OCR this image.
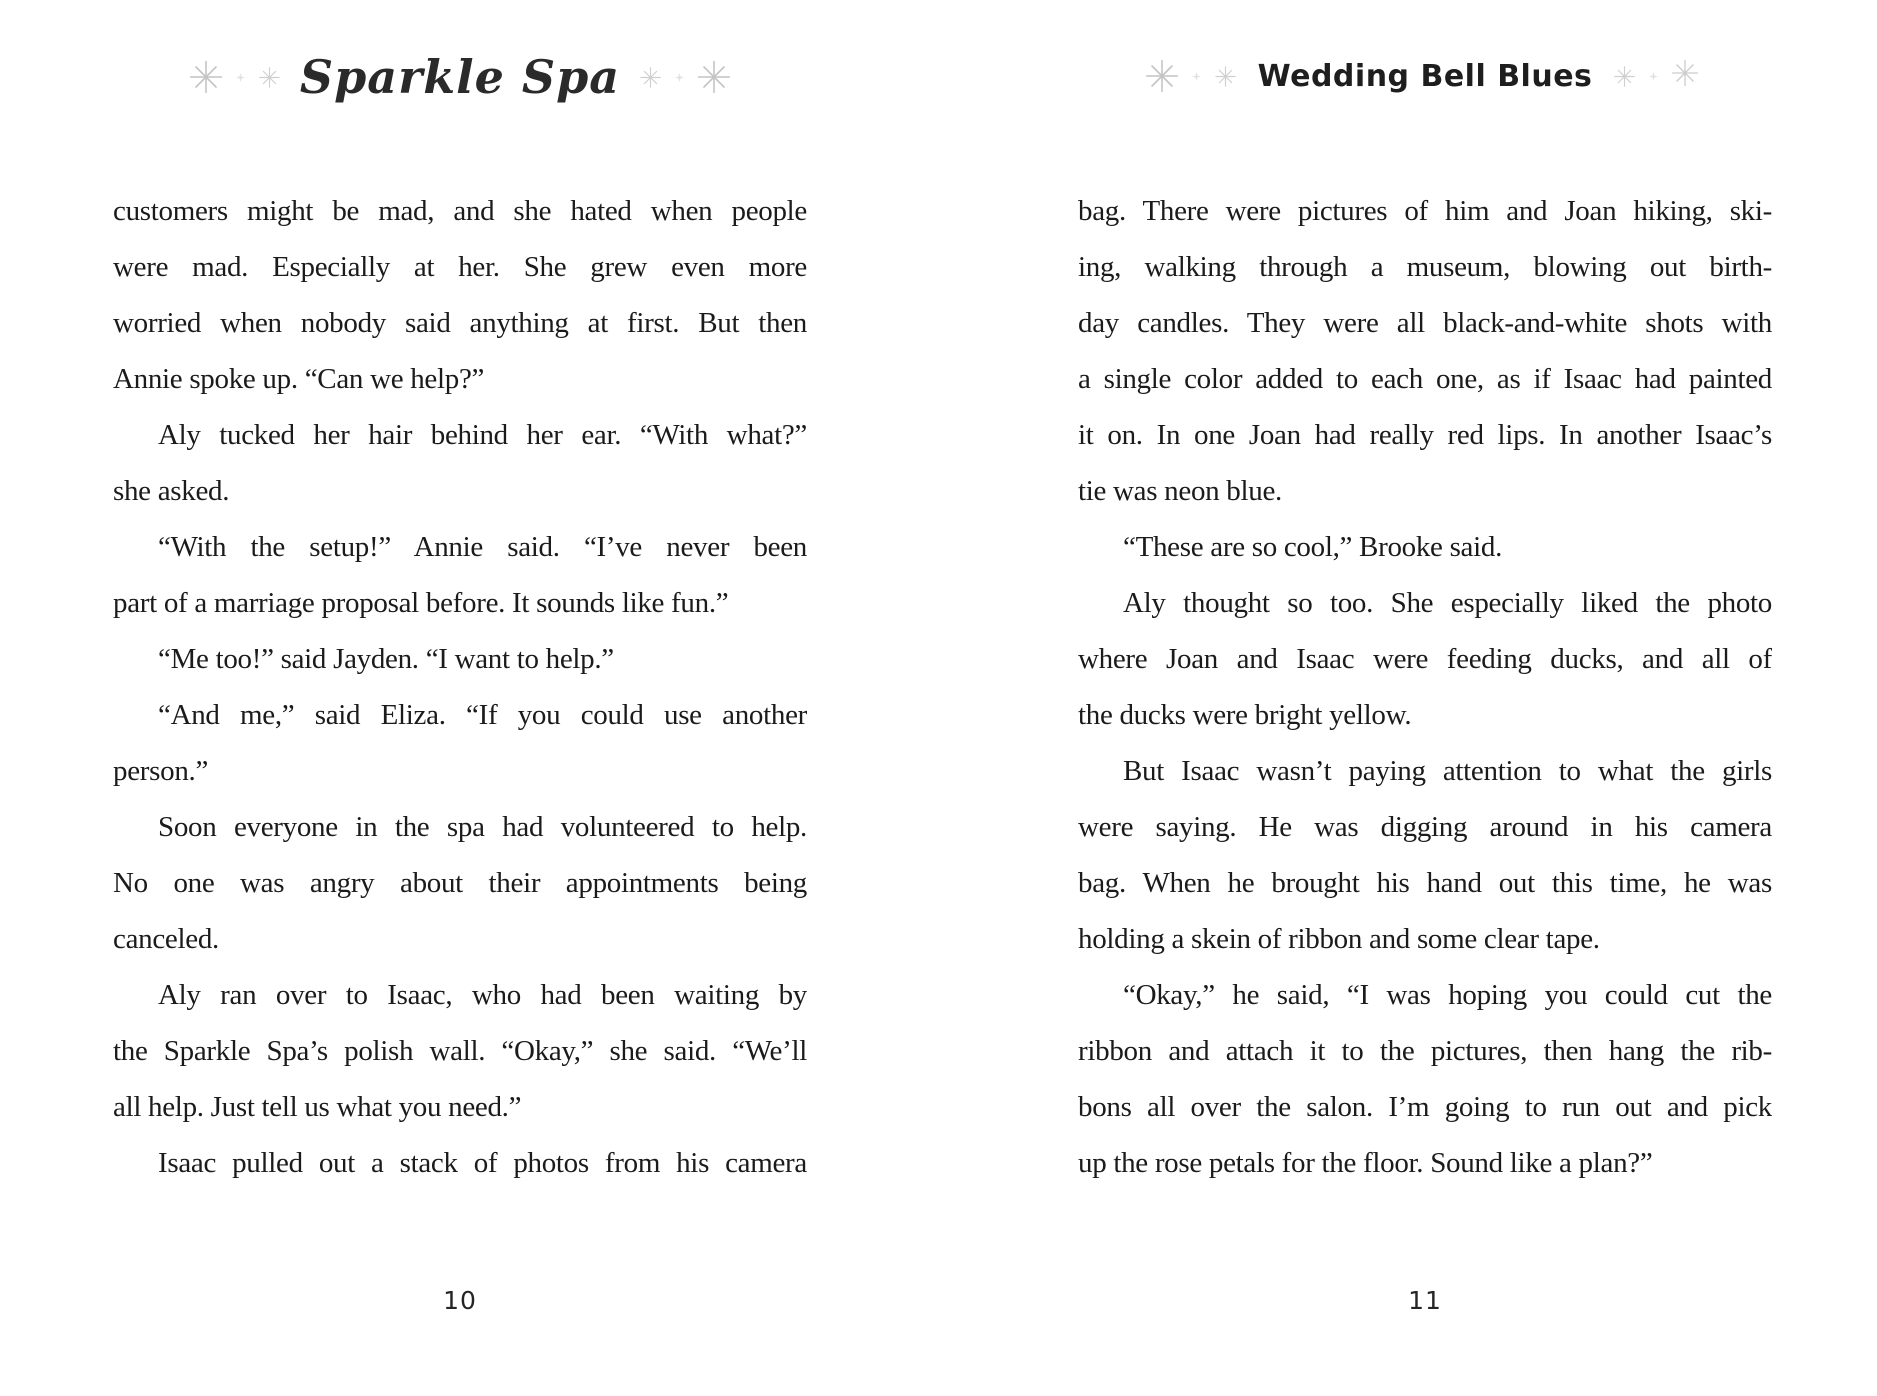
Sparkle Spa
customers might be mad, and she hated when people
were mad. Especially at her. She grew even more
worried when nobody said anything at first. But then
Annie spoke up. “Can we help?”
Aly tucked her hair behind her ear. “With what?”
she asked.
“With the setup!” Annie said. “I’ve never been
part of a marriage proposal before. It sounds like fun.”
“Me too!” said Jayden. “I want to help.”
“And me,” said Eliza. “If you could use another
person.”
Soon everyone in the spa had volunteered to help.
No one was angry about their appointments being
canceled.
Aly ran over to Isaac, who had been waiting by
the Sparkle Spa’s polish wall. “Okay,” she said. “We’ll
all help. Just tell us what you need.”
Isaac pulled out a stack of photos from his camera
10
Wedding Bell Blues
bag. There were pictures of him and Joan hiking, ski-
ing, walking through a museum, blowing out birth-
day candles. They were all black-and-white shots with
a single color added to each one, as if Isaac had painted
it on. In one Joan had really red lips. In another Isaac’s
tie was neon blue.
“These are so cool,” Brooke said.
Aly thought so too. She especially liked the photo
where Joan and Isaac were feeding ducks, and all of
the ducks were bright yellow.
But Isaac wasn’t paying attention to what the girls
were saying. He was digging around in his camera
bag. When he brought his hand out this time, he was
holding a skein of ribbon and some clear tape.
“Okay,” he said, “I was hoping you could cut the
ribbon and attach it to the pictures, then hang the rib-
bons all over the salon. I’m going to run out and pick
up the rose petals for the floor. Sound like a plan?”
11
